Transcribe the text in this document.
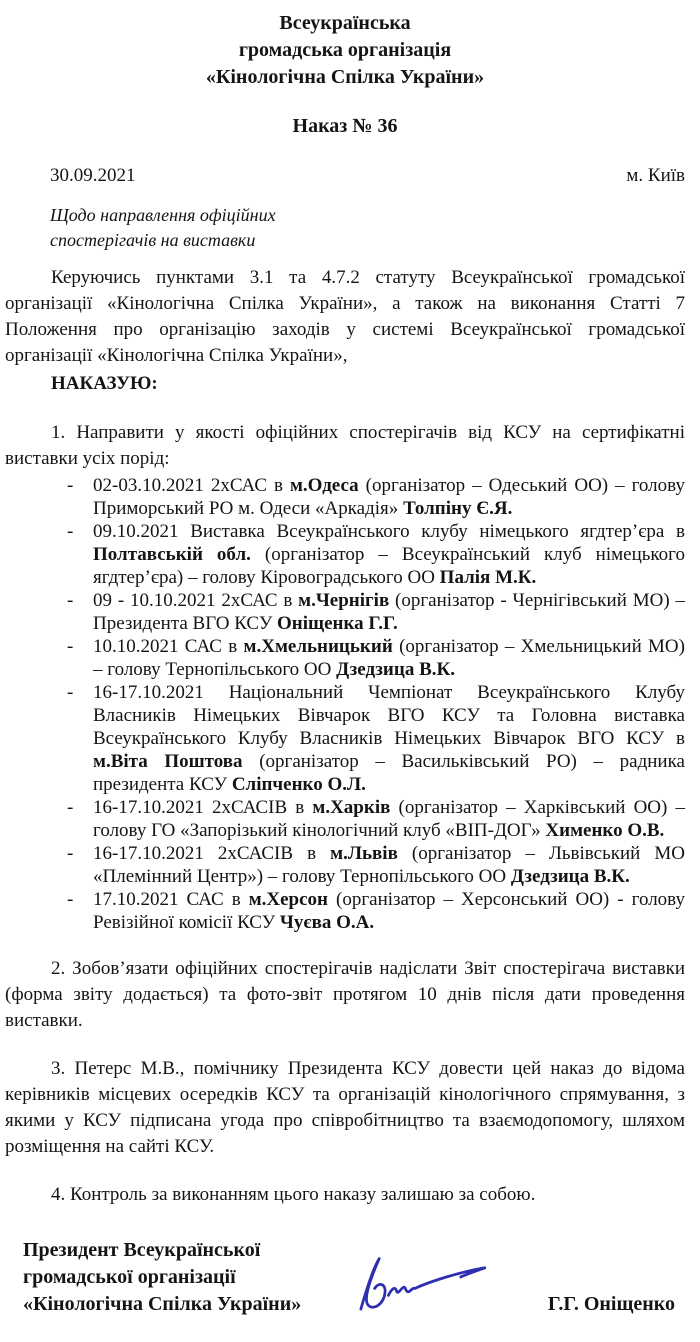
Всеукраїнська
громадська організація
«Кінологічна Спілка України»
Наказ № 36
30.09.2021	м. Київ
Щодо направлення офіційних
спостерігачів на виставки

Керуючись пунктами 3.1 та 4.7.2 статуту Всеукраїнської громадської організації «Кінологічна Спілка України», а також на виконання Статті 7 Положення про організацію заходів у системі Всеукраїнської громадської організації «Кінологічна Спілка України»,

НАКАЗУЮ:

1. Направити у якості офіційних спостерігачів від КСУ на сертифікатні виставки усіх порід:

- 02-03.10.2021 2хСАС в м.Одеса (організатор – Одеський ОО) – голову Приморський РО м. Одеси «Аркадія» Толпіну Є.Я.
- 09.10.2021 Виставка Всеукраїнського клубу німецького ягдтер’єра в Полтавській обл. (організатор – Всеукраїнський клуб німецького ягдтер’єра) – голову Кіровоградського ОО Палія М.К.
- 09 - 10.10.2021 2хСАС в м.Чернігів (організатор - Чернігівський МО) – Президента ВГО КСУ Оніщенка Г.Г.
- 10.10.2021 САС в м.Хмельницький (організатор – Хмельницький МО) – голову Тернопільського ОО Дзедзица В.К.
- 16-17.10.2021 Національний Чемпіонат Всеукраїнського Клубу Власників Німецьких Вівчарок ВГО КСУ та Головна виставка Всеукраїнського Клубу Власників Німецьких Вівчарок ВГО КСУ в м.Віта Поштова (організатор – Васильківський РО) – радника президента КСУ Сліпченко О.Л.
- 16-17.10.2021 2хСАСІВ в м.Харків (організатор – Харківський ОО) – голову ГО «Запорізький кінологічний клуб «ВІП-ДОГ» Хименко О.В.
- 16-17.10.2021 2хСАСІВ в м.Львів (організатор – Львівський МО «Племінний Центр») – голову Тернопільського ОО Дзедзица В.К.
- 17.10.2021 САС в м.Херсон (організатор – Херсонський ОО) - голову Ревізійної комісії КСУ Чуєва О.А.

2. Зобов’язати офіційних спостерігачів надіслати Звіт спостерігача виставки (форма звіту додається) та фото-звіт протягом 10 днів після дати проведення виставки.

3. Петерс М.В., помічнику Президента КСУ довести цей наказ до відома керівників місцевих осередків КСУ та організацій кінологічного спрямування, з якими у КСУ підписана угода про співробітництво та взаємодопомогу, шляхом розміщення на сайті КСУ.

4. Контроль за виконанням цього наказу залишаю за собою.

Президент Всеукраїнської
громадської організації
«Кінологічна Спілка України»	Г.Г. Оніщенко
